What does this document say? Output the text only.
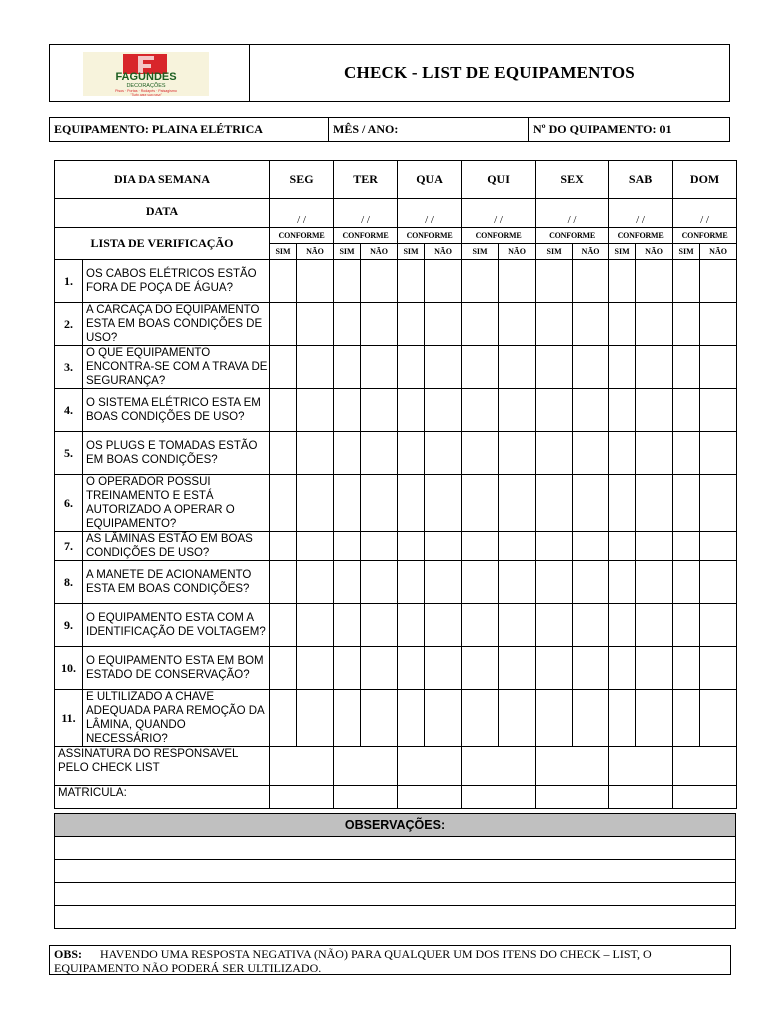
FAGUNDES
DECORAÇÕES
Pisos · Portas · Rodapés · Paisagismo
"Tudo para sua casa"
CHECK - LIST DE EQUIPAMENTOS
EQUIPAMENTO: PLAINA ELÉTRICA	MÊS / ANO:	Nº DO QUIPAMENTO: 01
DIA DA SEMANA		SEG		TER		QUA		QUI		SEX		SAB		DOM	
DATA		/ /		/ /		/ /		/ /		/ /		/ /		/ /	
LISTA DE VERIFICAÇÃO		CONFORME		CONFORME		CONFORME		CONFORME		CONFORME		CONFORME		CONFORME	
		SIM	NÃO	SIM	NÃO	SIM	NÃO	SIM	NÃO	SIM	NÃO	SIM	NÃO	SIM	NÃO
1.	OS CABOS ELÉTRICOS ESTÃO FORA DE POÇA DE ÁGUA?														
2.	A CARCAÇA DO EQUIPAMENTO ESTA EM BOAS CONDIÇÕES DE USO?														
3.	O QUE EQUIPAMENTO ENCONTRA-SE COM A TRAVA DE SEGURANÇA?														
4.	O SISTEMA ELÉTRICO ESTA EM BOAS CONDIÇÕES DE USO?														
5.	OS PLUGS E TOMADAS ESTÃO EM BOAS CONDIÇÕES?														
6.	O OPERADOR POSSUI TREINAMENTO E ESTÁ AUTORIZADO A OPERAR O EQUIPAMENTO?														
7.	AS LÂMINAS ESTÃO EM BOAS CONDIÇÕES DE USO?														
8.	A MANETE DE ACIONAMENTO ESTA EM BOAS CONDIÇÕES?														
9.	O EQUIPAMENTO ESTA COM A IDENTIFICAÇÃO DE VOLTAGEM?														
10.	O EQUIPAMENTO ESTA EM BOM ESTADO DE CONSERVAÇÃO?														
11.	E ULTILIZADO A CHAVE ADEQUADA PARA REMOÇÃO DA LÂMINA, QUANDO NECESSÁRIO?														
ASSINATURA DO RESPONSAVEL PELO CHECK LIST															
MATRICULA:															
OBSERVAÇÕES:

OBS: HAVENDO UMA RESPOSTA NEGATIVA (NÃO) PARA QUALQUER UM DOS ITENS DO CHECK – LIST, O EQUIPAMENTO NÃO PODERÁ SER ULTILIZADO.
